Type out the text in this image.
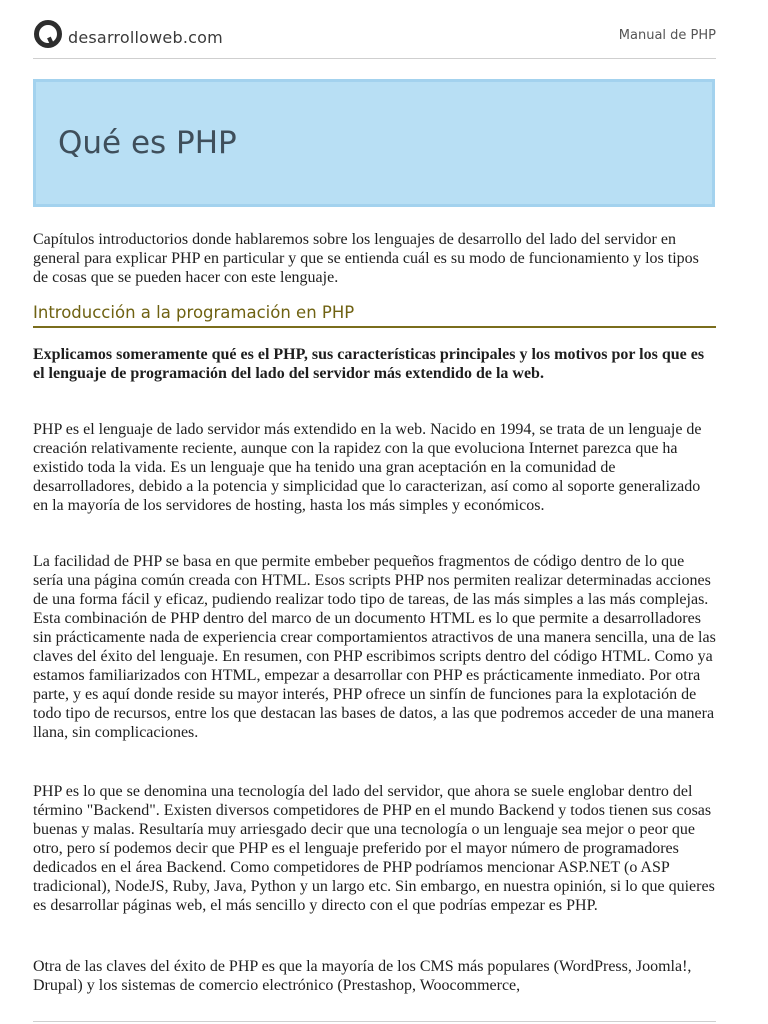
desarrolloweb.com	Manual de PHP
Qué es PHP

Capítulos introductorios donde hablaremos sobre los lenguajes de desarrollo del lado del servidor en general para explicar PHP en particular y que se entienda cuál es su modo de funcionamiento y los tipos de cosas que se pueden hacer con este lenguaje.

Introducción a la programación en PHP

Explicamos someramente qué es el PHP, sus características principales y los motivos por los que es el lenguaje de programación del lado del servidor más extendido de la web.

PHP es el lenguaje de lado servidor más extendido en la web. Nacido en 1994, se trata de un lenguaje de creación relativamente reciente, aunque con la rapidez con la que evoluciona Internet parezca que ha existido toda la vida. Es un lenguaje que ha tenido una gran aceptación en la comunidad de desarrolladores, debido a la potencia y simplicidad que lo caracterizan, así como al soporte generalizado en la mayoría de los servidores de hosting, hasta los más simples y económicos.

La facilidad de PHP se basa en que permite embeber pequeños fragmentos de código dentro de lo que sería una página común creada con HTML. Esos scripts PHP nos permiten realizar determinadas acciones de una forma fácil y eficaz, pudiendo realizar todo tipo de tareas, de las más simples a las más complejas. Esta combinación de PHP dentro del marco de un documento HTML es lo que permite a desarrolladores sin prácticamente nada de experiencia crear comportamientos atractivos de una manera sencilla, una de las claves del éxito del lenguaje. En resumen, con PHP escribimos scripts dentro del código HTML. Como ya estamos familiarizados con HTML, empezar a desarrollar con PHP es prácticamente inmediato. Por otra parte, y es aquí donde reside su mayor interés, PHP ofrece un sinfín de funciones para la explotación de todo tipo de recursos, entre los que destacan las bases de datos, a las que podremos acceder de una manera llana, sin complicaciones.

PHP es lo que se denomina una tecnología del lado del servidor, que ahora se suele englobar dentro del término "Backend". Existen diversos competidores de PHP en el mundo Backend y todos tienen sus cosas buenas y malas. Resultaría muy arriesgado decir que una tecnología o un lenguaje sea mejor o peor que otro, pero sí podemos decir que PHP es el lenguaje preferido por el mayor número de programadores dedicados en el área Backend. Como competidores de PHP podríamos mencionar ASP.NET (o ASP tradicional), NodeJS, Ruby, Java, Python y un largo etc. Sin embargo, en nuestra opinión, si lo que quieres es desarrollar páginas web, el más sencillo y directo con el que podrías empezar es PHP.

Otra de las claves del éxito de PHP es que la mayoría de los CMS más populares (WordPress, Joomla!, Drupal) y los sistemas de comercio electrónico (Prestashop, Woocommerce,
